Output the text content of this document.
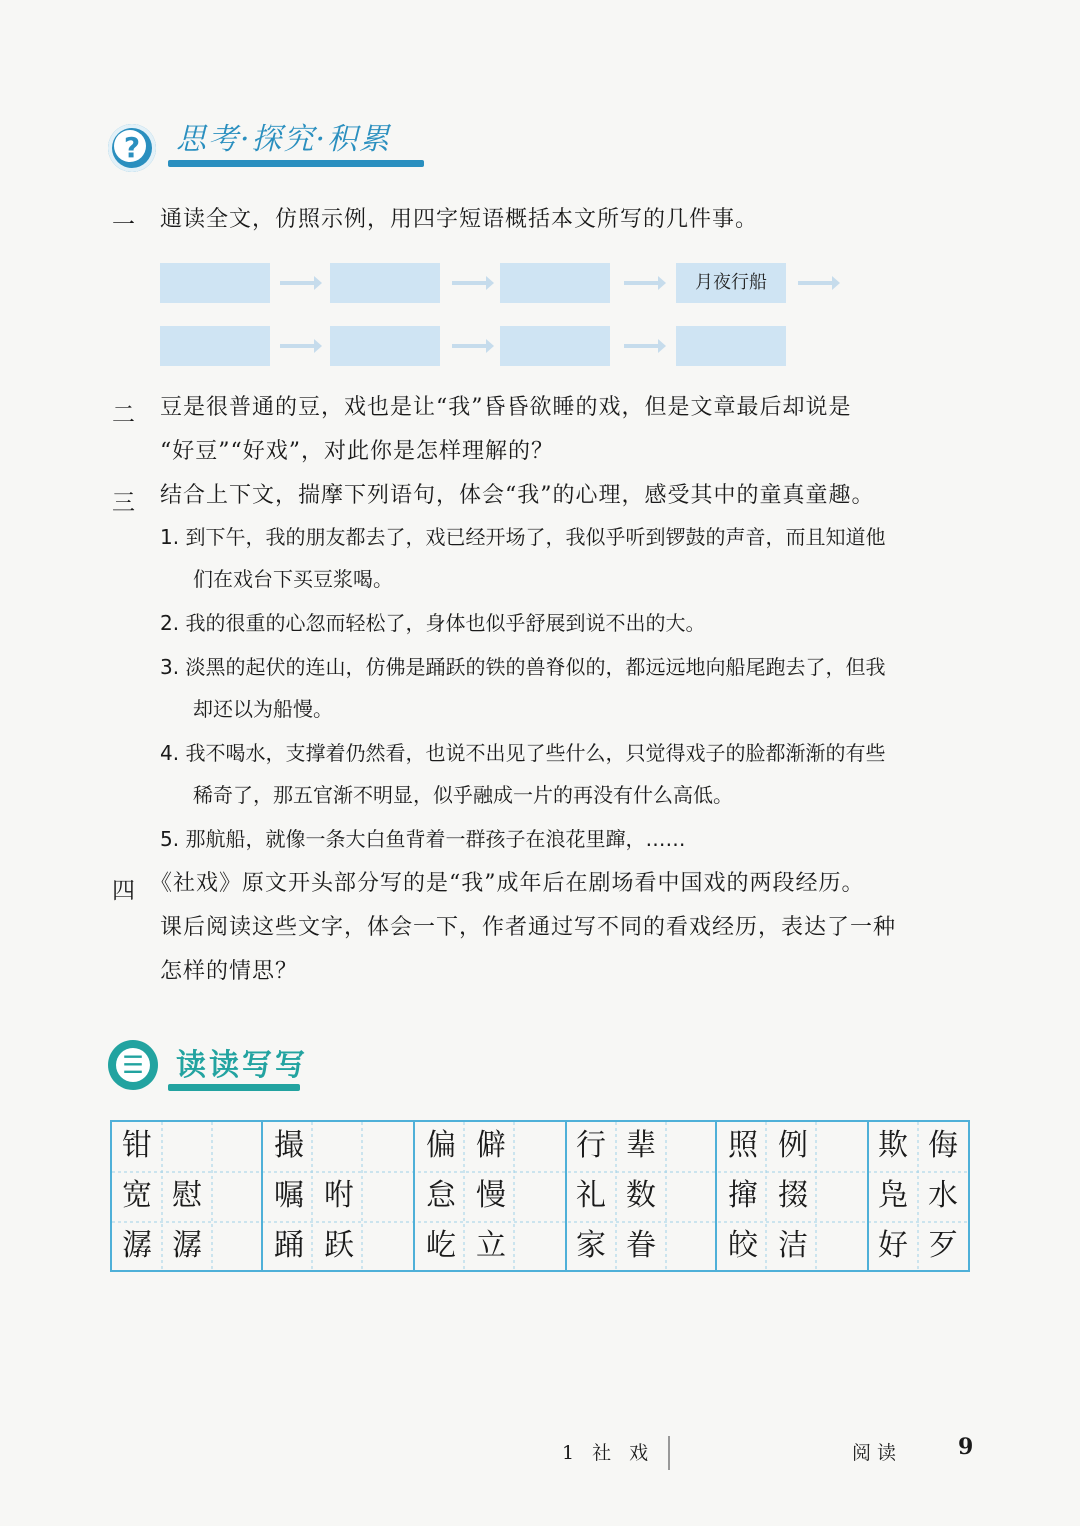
?	思考·探究·积累
一 通读全文，仿照示例，用四字短语概括本文所写的几件事。
月夜行船
二 豆是很普通的豆，戏也是让“我”昏昏欲睡的戏，但是文章最后却说是
“好豆”“好戏”，对此你是怎样理解的？
三 结合上下文，揣摩下列语句，体会“我”的心理，感受其中的童真童趣。
1. 到下午，我的朋友都去了，戏已经开场了，我似乎听到锣鼓的声音，而且知道他
们在戏台下买豆浆喝。
2. 我的很重的心忽而轻松了，身体也似乎舒展到说不出的大。
3. 淡黑的起伏的连山，仿佛是踊跃的铁的兽脊似的，都远远地向船尾跑去了，但我
却还以为船慢。
4. 我不喝水，支撑着仍然看，也说不出见了些什么，只觉得戏子的脸都渐渐的有些
稀奇了，那五官渐不明显，似乎融成一片的再没有什么高低。
5. 那航船，就像一条大白鱼背着一群孩子在浪花里蹿，……
四 《社戏》原文开头部分写的是“我”成年后在剧场看中国戏的两段经历。
课后阅读这些文字，体会一下，作者通过写不同的看戏经历，表达了一种
怎样的情思？
☰	读读写写
钳	撮	偏 僻	行 辈	照 例	欺 侮
宽 慰	嘱 咐	怠 慢	礼 数	撺 掇	凫 水
潺 潺	踊 跃	屹 立	家 眷	皎 洁	好 歹
1 社 戏	阅读	9
